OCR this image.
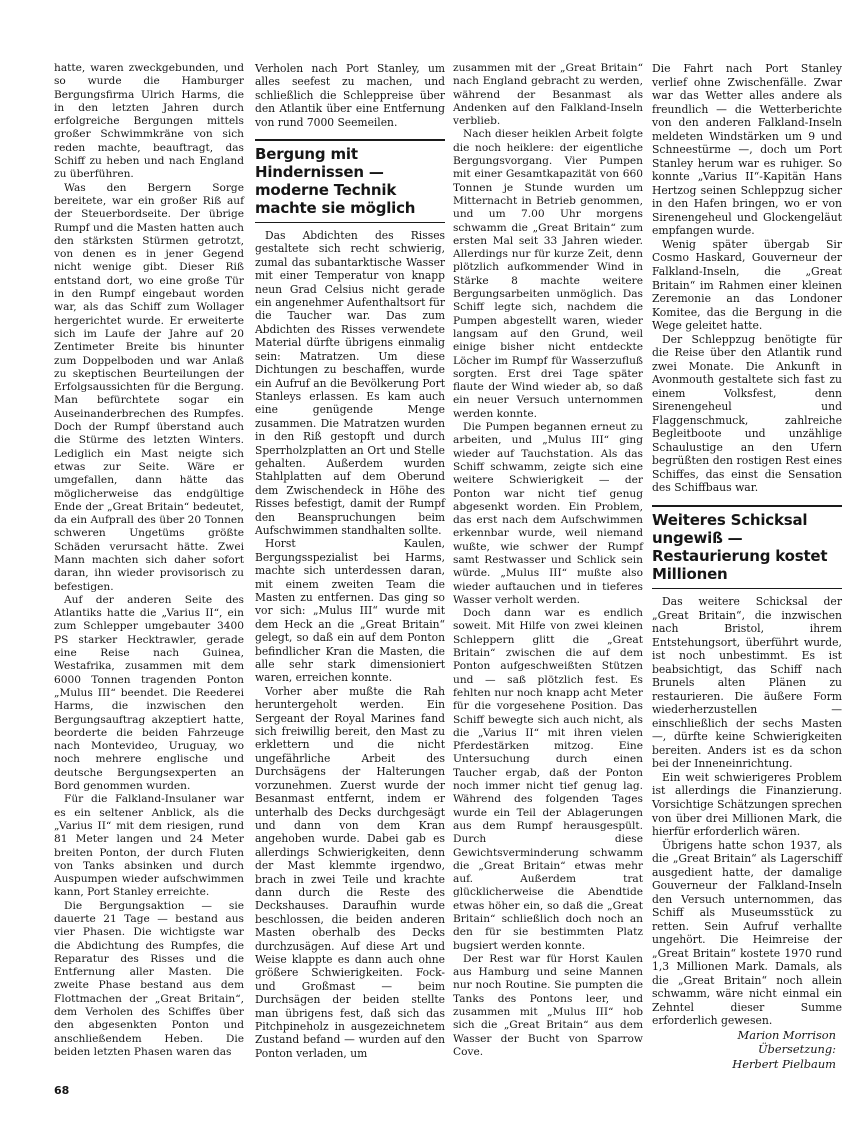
hatte, waren zweckgebunden, und so wurde die Hamburger Bergungsfirma Ulrich Harms, die in den letzten Jahren durch erfolgreiche Bergungen mittels großer Schwimmkräne von sich reden machte, beauftragt, das Schiff zu heben und nach England zu überführen.

Was den Bergern Sorge bereitete, war ein großer Riß auf der Steuerbordseite. Der übrige Rumpf und die Masten hatten auch den stärksten Stürmen getrotzt, von denen es in jener Gegend nicht wenige gibt. Dieser Riß entstand dort, wo eine große Tür in den Rumpf eingebaut worden war, als das Schiff zum Wollager hergerichtet wurde. Er erweiterte sich im Laufe der Jahre auf 20 Zentimeter Breite bis hinunter zum Doppelboden und war Anlaß zu skeptischen Beurteilungen der Erfolgsaussichten für die Bergung. Man befürchtete sogar ein Auseinanderbrechen des Rumpfes. Doch der Rumpf überstand auch die Stürme des letzten Winters. Lediglich ein Mast neigte sich etwas zur Seite. Wäre er umgefallen, dann hätte das möglicherweise das endgültige Ende der „Great Britain“ bedeutet, da ein Aufprall des über 20 Tonnen schweren Ungetüms größte Schäden verursacht hätte. Zwei Mann machten sich daher sofort daran, ihn wieder provisorisch zu befestigen.

Auf der anderen Seite des Atlantiks hatte die „Varius II“, ein zum Schlepper umgebauter 3400 PS starker Hecktrawler, gerade eine Reise nach Guinea, Westafrika, zusammen mit dem 6000 Tonnen tragenden Ponton „Mulus III“ beendet. Die Reederei Harms, die inzwischen den Bergungsauftrag akzeptiert hatte, beorderte die beiden Fahrzeuge nach Montevideo, Uruguay, wo noch mehrere englische und deutsche Bergungsexperten an Bord genommen wurden.

Für die Falkland-Insulaner war es ein seltener Anblick, als die „Varius II“ mit dem riesigen, rund 81 Meter langen und 24 Meter breiten Ponton, der durch Fluten von Tanks absinken und durch Auspumpen wieder aufschwimmen kann, Port Stanley erreichte.

Die Bergungsaktion — sie dauerte 21 Tage — bestand aus vier Phasen. Die wichtigste war die Abdichtung des Rumpfes, die Reparatur des Risses und die Entfernung aller Masten. Die zweite Phase bestand aus dem Flottmachen der „Great Britain“, dem Verholen des Schiffes über den abgesenkten Ponton und anschließendem Heben. Die beiden letzten Phasen waren das

Verholen nach Port Stanley, um alles seefest zu machen, und schließlich die Schleppreise über den Atlantik über eine Entfernung von rund 7000 Seemeilen.

Bergung mit Hindernissen — moderne Technik machte sie möglich

Das Abdichten des Risses gestaltete sich recht schwierig, zumal das subantarktische Wasser mit einer Temperatur von knapp neun Grad Celsius nicht gerade ein angenehmer Aufenthaltsort für die Taucher war. Das zum Abdichten des Risses verwendete Material dürfte übrigens einmalig sein: Matratzen. Um diese Dichtungen zu beschaffen, wurde ein Aufruf an die Bevölkerung Port Stanleys erlassen. Es kam auch eine genügende Menge zusammen. Die Matratzen wurden in den Riß gestopft und durch Sperrholzplatten an Ort und Stelle gehalten. Außerdem wurden Stahlplatten auf dem Oberund dem Zwischendeck in Höhe des Risses befestigt, damit der Rumpf den Beanspruchungen beim Aufschwimmen standhalten sollte.

Horst Kaulen, Bergungsspezialist bei Harms, machte sich unterdessen daran, mit einem zweiten Team die Masten zu entfernen. Das ging so vor sich: „Mulus III“ wurde mit dem Heck an die „Great Britain“ gelegt, so daß ein auf dem Ponton befindlicher Kran die Masten, die alle sehr stark dimensioniert waren, erreichen konnte.

Vorher aber mußte die Rah heruntergeholt werden. Ein Sergeant der Royal Marines fand sich freiwillig bereit, den Mast zu erklettern und die nicht ungefährliche Arbeit des Durchsägens der Halterungen vorzunehmen. Zuerst wurde der Besanmast entfernt, indem er unterhalb des Decks durchgesägt und dann von dem Kran angehoben wurde. Dabei gab es allerdings Schwierigkeiten, denn der Mast klemmte irgendwo, brach in zwei Teile und krachte dann durch die Reste des Deckshauses. Daraufhin wurde beschlossen, die beiden anderen Masten oberhalb des Decks durchzusägen. Auf diese Art und Weise klappte es dann auch ohne größere Schwierigkeiten. Fock- und Großmast — beim Durchsägen der beiden stellte man übrigens fest, daß sich das Pitchpineholz in ausgezeichnetem Zustand befand — wurden auf den Ponton verladen, um

zusammen mit der „Great Britain“ nach England gebracht zu werden, während der Besanmast als Andenken auf den Falkland-Inseln verblieb.

Nach dieser heiklen Arbeit folgte die noch heiklere: der eigentliche Bergungsvorgang. Vier Pumpen mit einer Gesamtkapazität von 660 Tonnen je Stunde wurden um Mitternacht in Betrieb genommen, und um 7.00 Uhr morgens schwamm die „Great Britain“ zum ersten Mal seit 33 Jahren wieder. Allerdings nur für kurze Zeit, denn plötzlich aufkommender Wind in Stärke 8 machte weitere Bergungsarbeiten unmöglich. Das Schiff legte sich, nachdem die Pumpen abgestellt waren, wieder langsam auf den Grund, weil einige bisher nicht entdeckte Löcher im Rumpf für Wasserzufluß sorgten. Erst drei Tage später flaute der Wind wieder ab, so daß ein neuer Versuch unternommen werden konnte.

Die Pumpen begannen erneut zu arbeiten, und „Mulus III“ ging wieder auf Tauchstation. Als das Schiff schwamm, zeigte sich eine weitere Schwierigkeit — der Ponton war nicht tief genug abgesenkt worden. Ein Problem, das erst nach dem Aufschwimmen erkennbar wurde, weil niemand wußte, wie schwer der Rumpf samt Restwasser und Schlick sein würde. „Mulus III“ mußte also wieder auftauchen und in tieferes Wasser verholt werden.

Doch dann war es endlich soweit. Mit Hilfe von zwei kleinen Schleppern glitt die „Great Britain“ zwischen die auf dem Ponton aufgeschweißten Stützen und — saß plötzlich fest. Es fehlten nur noch knapp acht Meter für die vorgesehene Position. Das Schiff bewegte sich auch nicht, als die „Varius II“ mit ihren vielen Pferdestärken mitzog. Eine Untersuchung durch einen Taucher ergab, daß der Ponton noch immer nicht tief genug lag. Während des folgenden Tages wurde ein Teil der Ablagerungen aus dem Rumpf herausgespült. Durch diese Gewichtsverminderung schwamm die „Great Britain“ etwas mehr auf. Außerdem trat glücklicherweise die Abendtide etwas höher ein, so daß die „Great Britain“ schließlich doch noch an den für sie bestimmten Platz bugsiert werden konnte.

Der Rest war für Horst Kaulen aus Hamburg und seine Mannen nur noch Routine. Sie pumpten die Tanks des Pontons leer, und zusammen mit „Mulus III“ hob sich die „Great Britain“ aus dem Wasser der Bucht von Sparrow Cove.

Die Fahrt nach Port Stanley verlief ohne Zwischenfälle. Zwar war das Wetter alles andere als freundlich — die Wetterberichte von den anderen Falkland-Inseln meldeten Windstärken um 9 und Schneestürme —, doch um Port Stanley herum war es ruhiger. So konnte „Varius II“-Kapitän Hans Hertzog seinen Schleppzug sicher in den Hafen bringen, wo er von Sirenengeheul und Glockengeläut empfangen wurde.

Wenig später übergab Sir Cosmo Haskard, Gouverneur der Falkland-Inseln, die „Great Britain“ im Rahmen einer kleinen Zeremonie an das Londoner Komitee, das die Bergung in die Wege geleitet hatte.

Der Schleppzug benötigte für die Reise über den Atlantik rund zwei Monate. Die Ankunft in Avonmouth gestaltete sich fast zu einem Volksfest, denn Sirenengeheul und Flaggenschmuck, zahlreiche Begleitboote und unzählige Schaulustige an den Ufern begrüßten den rostigen Rest eines Schiffes, das einst die Sensation des Schiffbaus war.

Weiteres Schicksal ungewiß — Restaurierung kostet Millionen

Das weitere Schicksal der „Great Britain“, die inzwischen nach Bristol, ihrem Entstehungsort, überführt wurde, ist noch unbestimmt. Es ist beabsichtigt, das Schiff nach Brunels alten Plänen zu restaurieren. Die äußere Form wiederherzustellen — einschließlich der sechs Masten —, dürfte keine Schwierigkeiten bereiten. Anders ist es da schon bei der Inneneinrichtung.

Ein weit schwierigeres Problem ist allerdings die Finanzierung. Vorsichtige Schätzungen sprechen von über drei Millionen Mark, die hierfür erforderlich wären.

Übrigens hatte schon 1937, als die „Great Britain“ als Lagerschiff ausgedient hatte, der damalige Gouverneur der Falkland-Inseln den Versuch unternommen, das Schiff als Museumsstück zu retten. Sein Aufruf verhallte ungehört. Die Heimreise der „Great Britain“ kostete 1970 rund 1,3 Millionen Mark. Damals, als die „Great Britain“ noch allein schwamm, wäre nicht einmal ein Zehntel dieser Summe erforderlich gewesen.

Marion Morrison
Übersetzung:
Herbert Pielbaum
68
